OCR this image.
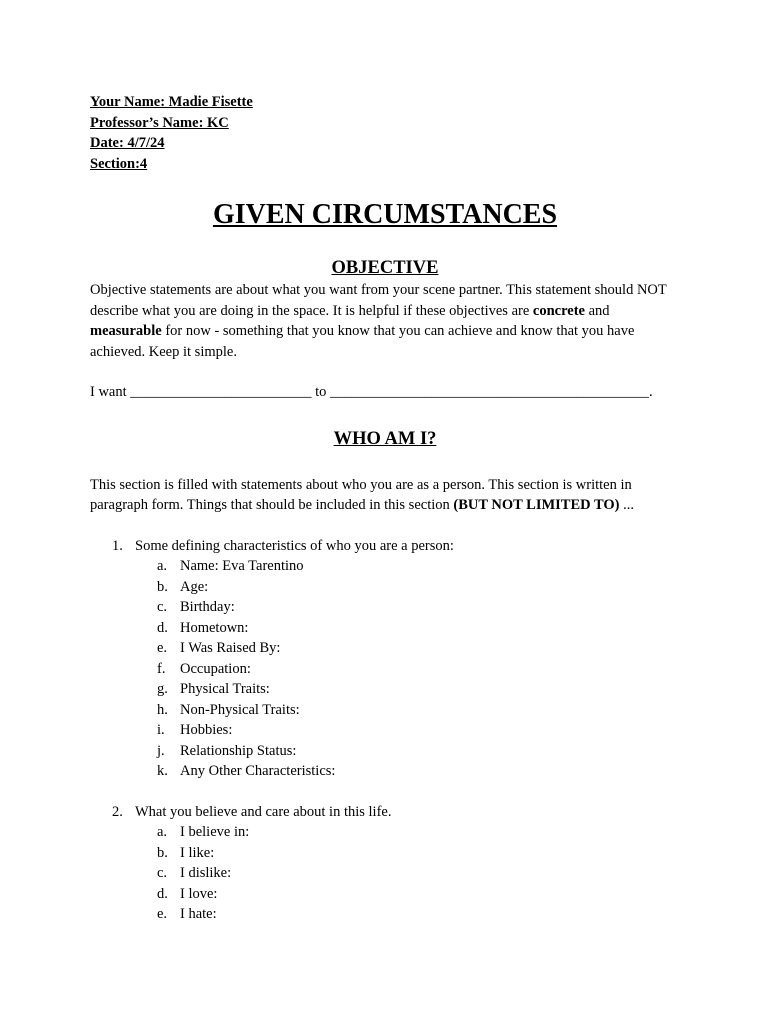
Your Name: Madie Fisette
Professor’s Name: KC
Date: 4/7/24
Section:4
GIVEN CIRCUMSTANCES
OBJECTIVE

Objective statements are about what you want from your scene partner. This statement should NOT describe what you are doing in the space. It is helpful if these objectives are concrete and measurable for now - something that you know that you can achieve and know that you have achieved. Keep it simple.

I want _________________________ to ____________________________________________.
WHO AM I?

This section is filled with statements about who you are as a person. This section is written in paragraph form. Things that should be included in this section (BUT NOT LIMITED TO) ...

1. Some defining characteristics of who you are a person:
a. Name: Eva Tarentino
b. Age:
c. Birthday:
d. Hometown:
e. I Was Raised By:
f. Occupation:
g. Physical Traits:
h. Non-Physical Traits:
i. Hobbies:
j. Relationship Status:
k. Any Other Characteristics:
2. What you believe and care about in this life.
a. I believe in:
b. I like:
c. I dislike:
d. I love:
e. I hate:
